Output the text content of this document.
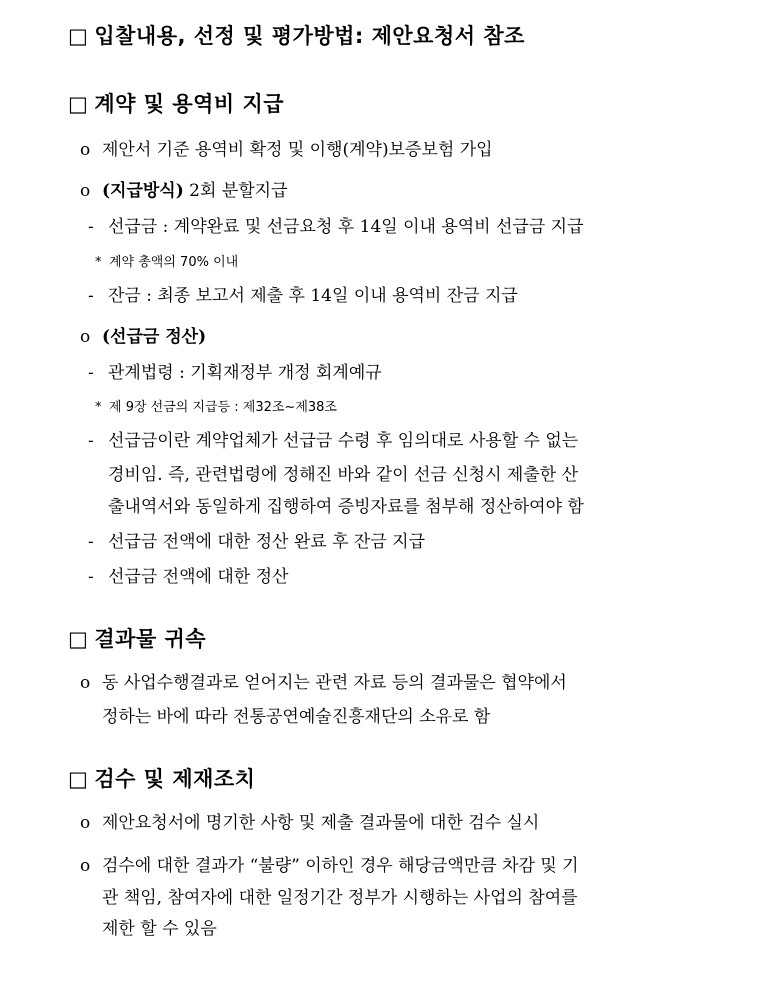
□ 입찰내용, 선정 및 평가방법: 제안요청서 참조
□ 계약 및 용역비 지급
o 제안서 기준 용역비 확정 및 이행(계약)보증보험 가입
o (지급방식) 2회 분할지급
- 선급금 : 계약완료 및 선금요청 후 14일 이내 용역비 선급금 지급
* 계약 총액의 70% 이내
- 잔금 : 최종 보고서 제출 후 14일 이내 용역비 잔금 지급
o (선급금 정산)
- 관계법령 : 기획재정부 개정 회계예규
* 제 9장 선금의 지급등 : 제32조~제38조
- 선급금이란 계약업체가 선급금 수령 후 임의대로 사용할 수 없는
경비임. 즉, 관련법령에 정해진 바와 같이 선금 신청시 제출한 산
출내역서와 동일하게 집행하여 증빙자료를 첨부해 정산하여야 함
- 선급금 전액에 대한 정산 완료 후 잔금 지급
- 선급금 전액에 대한 정산
□ 결과물 귀속
o 동 사업수행결과로 얻어지는 관련 자료 등의 결과물은 협약에서
정하는 바에 따라 전통공연예술진흥재단의 소유로 함
□ 검수 및 제재조치
o 제안요청서에 명기한 사항 및 제출 결과물에 대한 검수 실시
o 검수에 대한 결과가 “불량” 이하인 경우 해당금액만큼 차감 및 기
관 책임, 참여자에 대한 일정기간 정부가 시행하는 사업의 참여를
제한 할 수 있음
